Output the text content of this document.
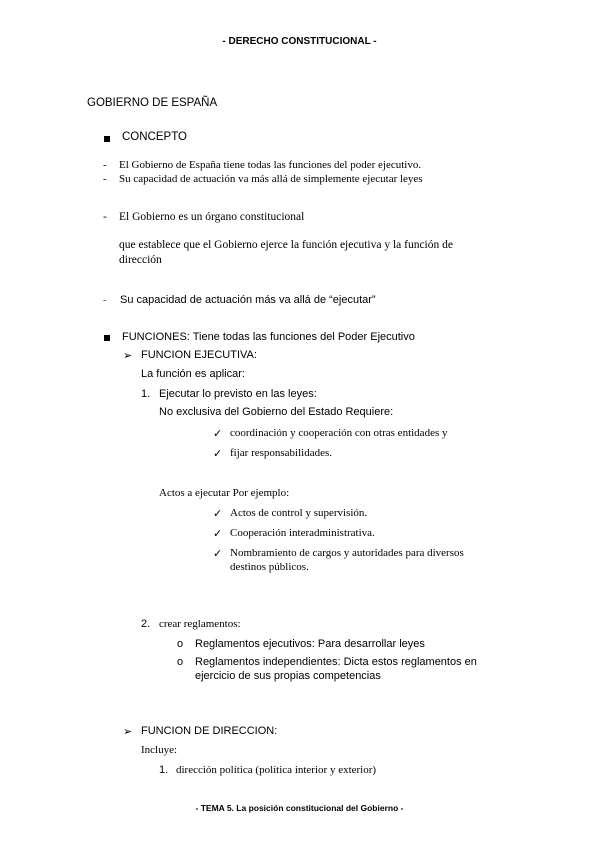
- DERECHO CONSTITUCIONAL -
GOBIERNO DE ESPAÑA
CONCEPTO
- El Gobierno de España tiene todas las funciones del poder ejecutivo.
- Su capacidad de actuación va más allá de simplemente ejecutar leyes
- El Gobierno es un órgano constitucional
que establece que el Gobierno ejerce la función ejecutiva y la función de
dirección
- Su capacidad de actuación más va allá de “ejecutar”
FUNCIONES: Tiene todas las funciones del Poder Ejecutivo
➢ FUNCION EJECUTIVA:
La función es aplicar:
1. Ejecutar lo previsto en las leyes:
No exclusiva del Gobierno del Estado Requiere:
✓ coordinación y cooperación con otras entidades y
✓ fijar responsabilidades.
Actos a ejecutar Por ejemplo:
✓ Actos de control y supervisión.
✓ Cooperación interadministrativa.
✓ Nombramiento de cargos y autoridades para diversos
destinos públicos.
2. crear reglamentos:
o Reglamentos ejecutivos: Para desarrollar leyes
o Reglamentos independientes: Dicta estos reglamentos en
ejercicio de sus propias competencias
➢ FUNCION DE DIRECCION:
Incluye:
1. dirección política (política interior y exterior)
- TEMA 5. La posición constitucional del Gobierno -
